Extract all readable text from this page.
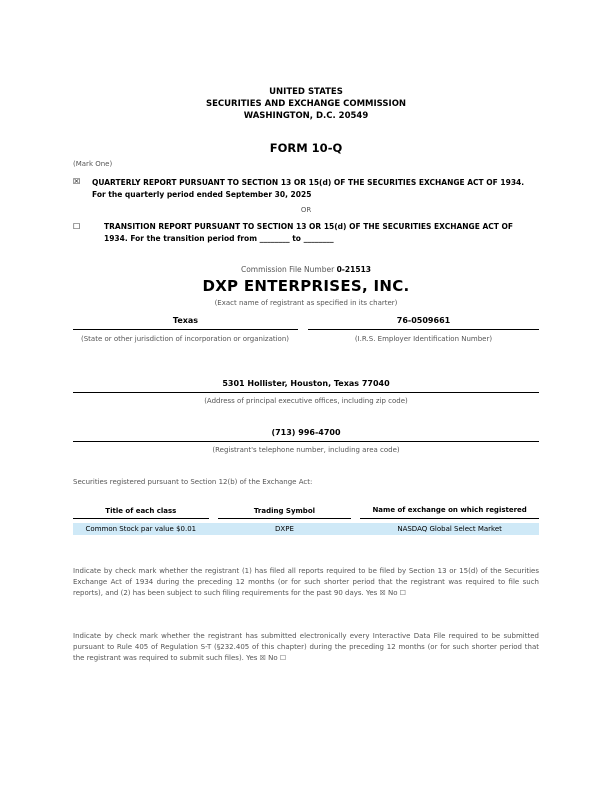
UNITED STATES
SECURITIES AND EXCHANGE COMMISSION
WASHINGTON, D.C. 20549
FORM 10-Q
(Mark One)
☒ QUARTERLY REPORT PURSUANT TO SECTION 13 OR 15(d) OF THE SECURITIES EXCHANGE ACT OF 1934.
For the quarterly period ended September 30, 2025
OR
☐	TRANSITION REPORT PURSUANT TO SECTION 13 OR 15(d) OF THE SECURITIES EXCHANGE ACT OF
1934. For the transition period from ________ to ________
Commission File Number 0-21513
DXP ENTERPRISES, INC.
(Exact name of registrant as specified in its charter)
Texas
(State or other jurisdiction of incorporation or organization)
76-0509661
(I.R.S. Employer Identification Number)
5301 Hollister, Houston, Texas 77040
(Address of principal executive offices, including zip code)
(713) 996-4700
(Registrant's telephone number, including area code)
Securities registered pursuant to Section 12(b) of the Exchange Act:
Title of each class		Trading Symbol		Name of exchange on which registered

Common Stock par value $0.01		DXPE		NASDAQ Global Select Market
Indicate by check mark whether the registrant (1) has filed all reports required to be filed by Section 13 or 15(d) of the Securities Exchange Act of 1934 during the preceding 12 months (or for such shorter period that the registrant was required to file such reports), and (2) has been subject to such filing requirements for the past 90 days. Yes ☒ No ☐
Indicate by check mark whether the registrant has submitted electronically every Interactive Data File required to be submitted pursuant to Rule 405 of Regulation S-T (§232.405 of this chapter) during the preceding 12 months (or for such shorter period that the registrant was required to submit such files). Yes ☒ No ☐
